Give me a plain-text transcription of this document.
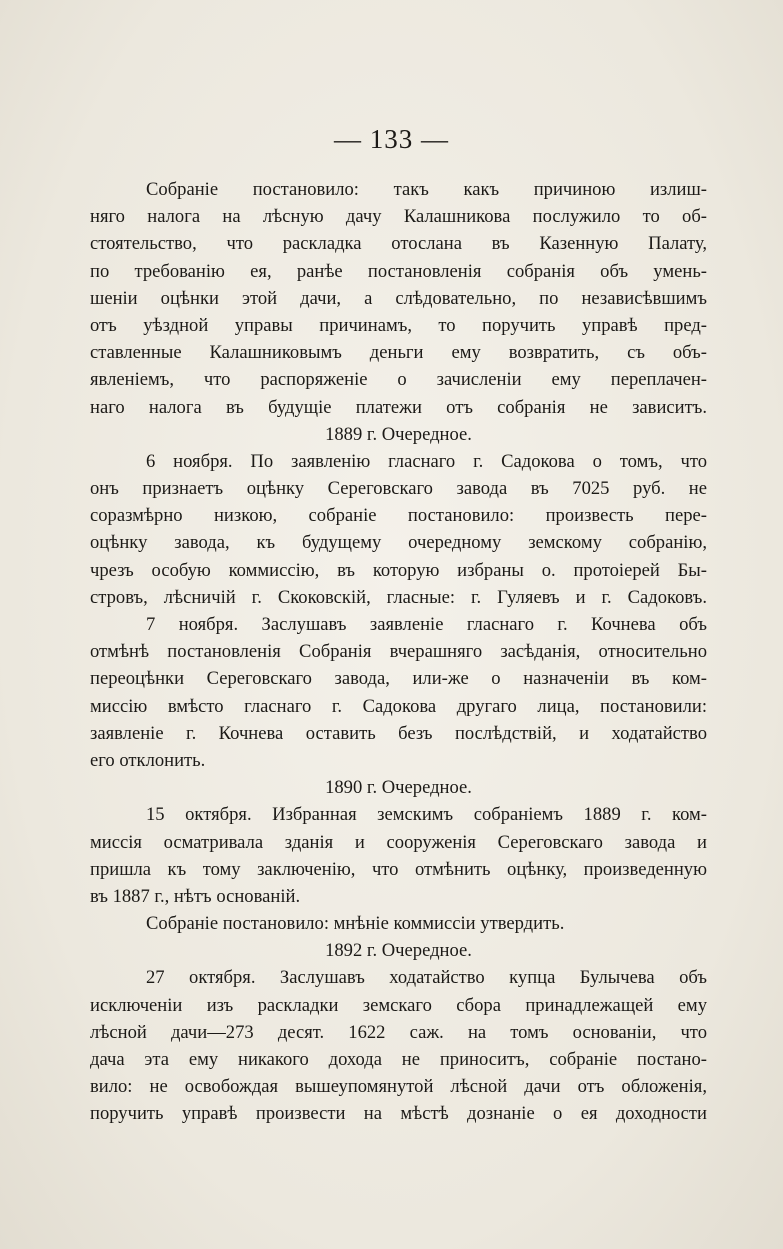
— 133 —
Собраніе постановило: такъ какъ причиною излиш-
няго налога на лѣсную дачу Калашникова послужило то об-
стоятельство, что раскладка отослана въ Казенную Палату,
по требованію ея, ранѣе постановленія собранія объ умень-
шеніи оцѣнки этой дачи, а слѣдовательно, по независѣвшимъ
отъ уѣздной управы причинамъ, то поручить управѣ пред-
ставленные Калашниковымъ деньги ему возвратить, съ объ-
явленіемъ, что распоряженіе о зачисленіи ему переплачен-
наго налога въ будущіе платежи отъ собранія не зависитъ.
1889 г. Очередное.
6 ноября. По заявленію гласнаго г. Садокова о томъ, что
онъ признаетъ оцѣнку Сереговскаго завода въ 7025 руб. не
соразмѣрно низкою, собраніе постановило: произвесть пере-
оцѣнку завода, къ будущему очередному земскому собранію,
чрезъ особую коммиссію, въ которую избраны о. протоіерей Бы-
стровъ, лѣсничій г. Скоковскій, гласные: г. Гуляевъ и г. Садоковъ.
7 ноября. Заслушавъ заявленіе гласнаго г. Кочнева объ
отмѣнѣ постановленія Собранія вчерашняго засѣданія, относительно
переоцѣнки Сереговскаго завода, или-же о назначеніи въ ком-
миссію вмѣсто гласнаго г. Садокова другаго лица, постановили:
заявленіе г. Кочнева оставить безъ послѣдствій, и ходатайство
его отклонить.
1890 г. Очередное.
15 октября. Избранная земскимъ собраніемъ 1889 г. ком-
миссія осматривала зданія и сооруженія Сереговскаго завода и
пришла къ тому заключенію, что отмѣнить оцѣнку, произведенную
въ 1887 г., нѣтъ основаній.
Собраніе постановило: мнѣніе коммиссіи утвердить.
1892 г. Очередное.
27 октября. Заслушавъ ходатайство купца Булычева объ
исключеніи изъ раскладки земскаго сбора принадлежащей ему
лѣсной дачи—273 десят. 1622 саж. на томъ основаніи, что
дача эта ему никакого дохода не приноситъ, собраніе постано-
вило: не освобождая вышеупомянутой лѣсной дачи отъ обложенія,
поручить управѣ произвести на мѣстѣ дознаніе о ея доходности
